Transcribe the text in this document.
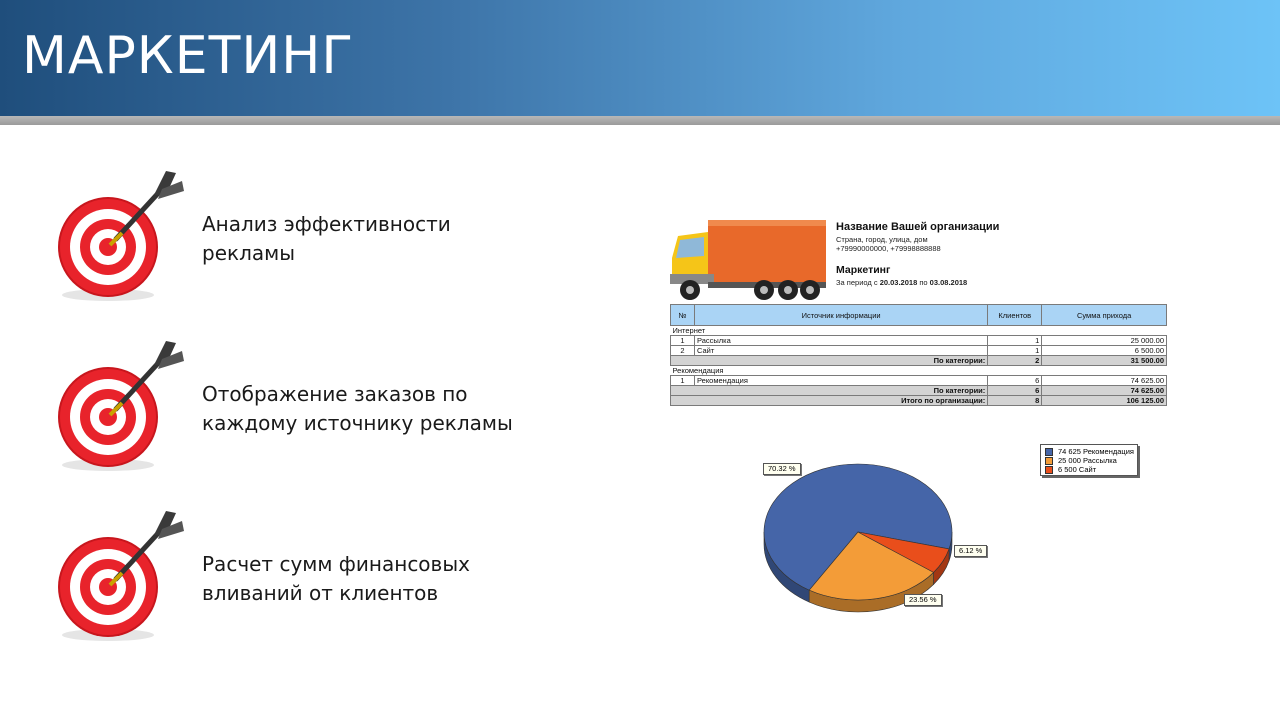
МАРКЕТИНГ
Анализ эффективности рекламы
Отображение заказов по каждому источнику рекламы
Расчет сумм финансовых вливаний от клиентов
Название Вашей организации
Страна, город, улица, дом
+79990000000, +79998888888
Маркетинг
За период с 20.03.2018 по 03.08.2018
№	Источник информации	Клиентов	Сумма прихода
Интернет			
1	Рассылка	1	25 000.00
2	Сайт	1	6 500.00
По категории:		2	31 500.00
Рекомендация			
1	Рекомендация	6	74 625.00
По категории:		6	74 625.00
Итого по организации:		8	106 125.00
74 625 Рекомендация
25 000 Рассылка
6 500 Сайт
70.32 %
6.12 %
23.56 %
